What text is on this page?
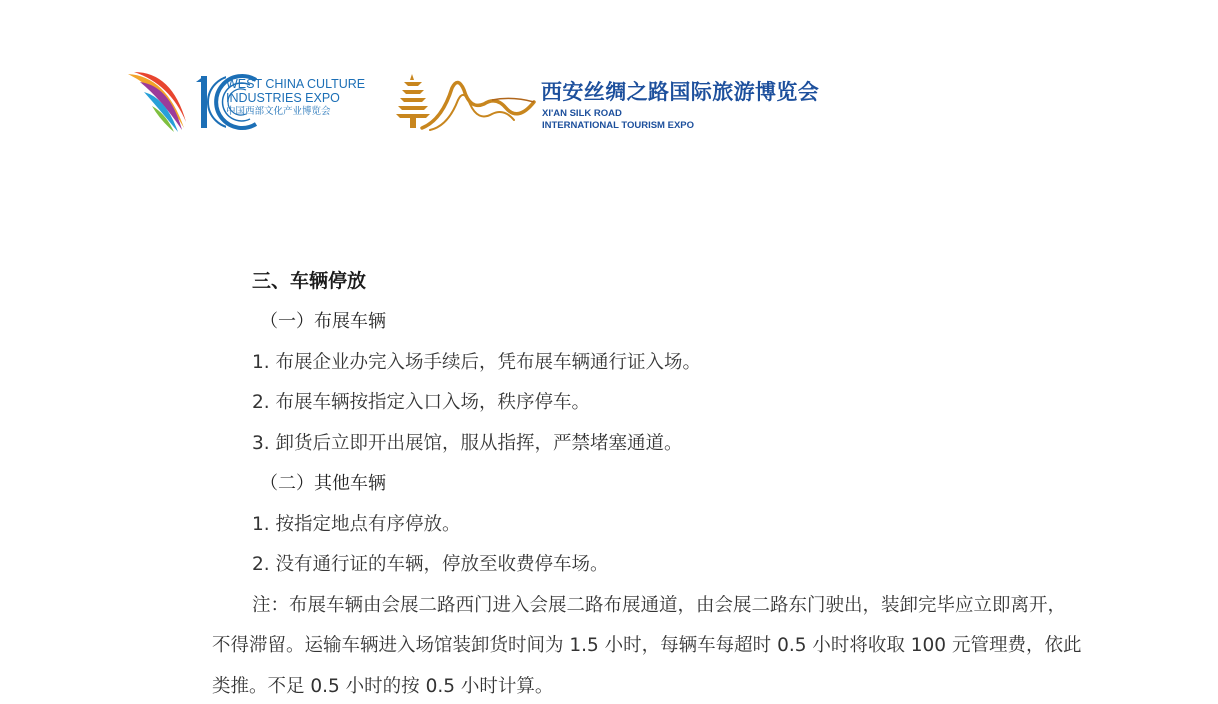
WEST CHINA CULTURE
INDUSTRIES EXPO
中国西部文化产业博览会
西安丝绸之路国际旅游博览会
XI'AN SILK ROAD
INTERNATIONAL TOURISM EXPO
三、车辆停放
（一）布展车辆
1. 布展企业办完入场手续后，凭布展车辆通行证入场。
2. 布展车辆按指定入口入场，秩序停车。
3. 卸货后立即开出展馆，服从指挥，严禁堵塞通道。
（二）其他车辆
1. 按指定地点有序停放。
2. 没有通行证的车辆，停放至收费停车场。
注：布展车辆由会展二路西门进入会展二路布展通道，由会展二路东门驶出，装卸完毕应立即离开，
不得滞留。运输车辆进入场馆装卸货时间为 1.5 小时，每辆车每超时 0.5 小时将收取 100 元管理费，依此
类推。不足 0.5 小时的按 0.5 小时计算。
